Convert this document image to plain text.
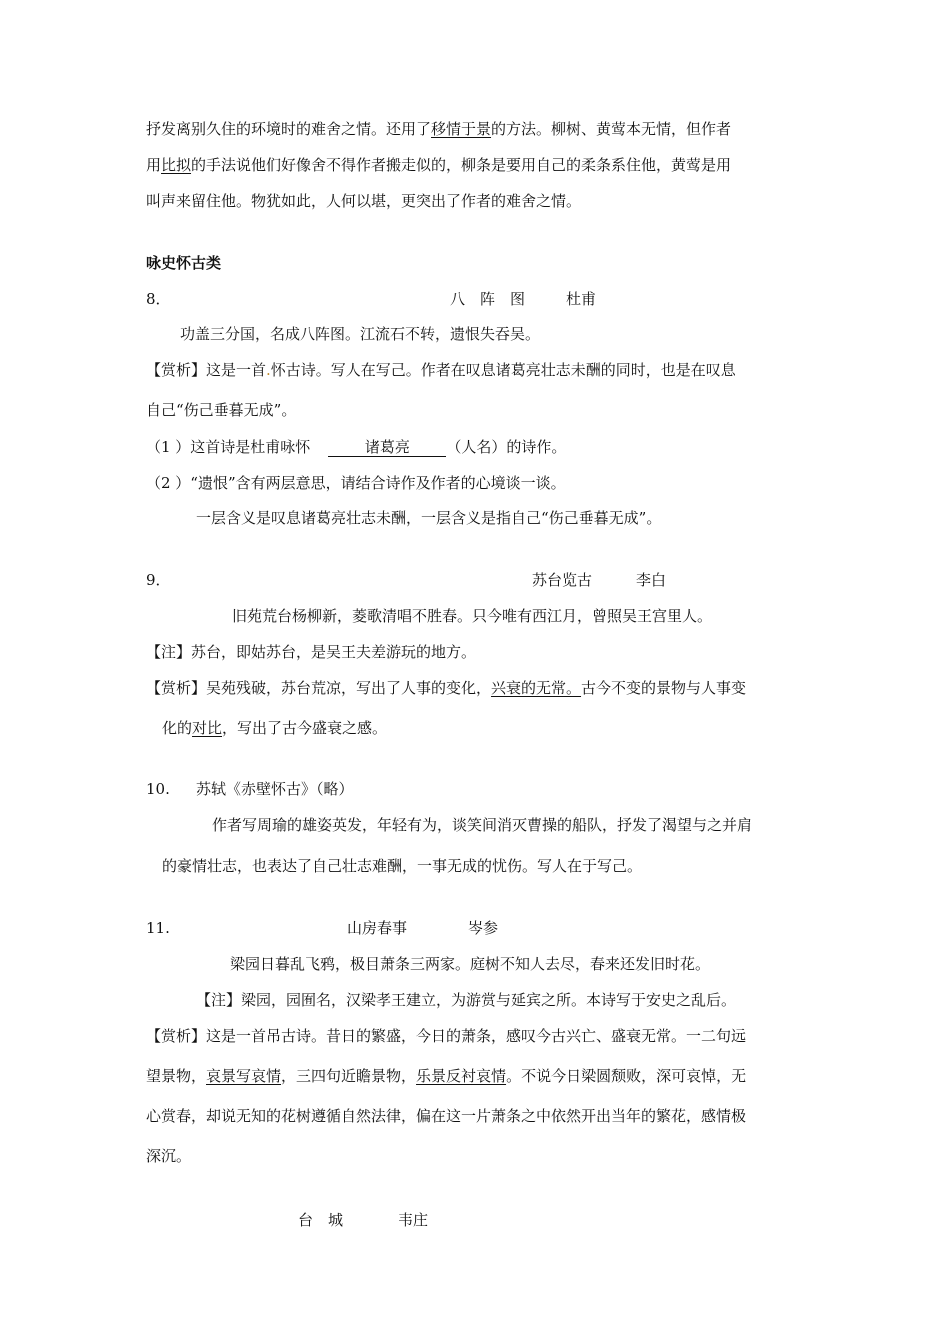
抒发离别久住的环境时的难舍之情。还用了移情于景的方法。柳树、黄莺本无情，但作者
用比拟的手法说他们好像舍不得作者搬走似的，柳条是要用自己的柔条系住他，黄莺是用
叫声来留住他。物犹如此，人何以堪，更突出了作者的难舍之情。
咏史怀古类
8．	八　阵　图	杜甫
功盖三分国，名成八阵图。江流石不转，遗恨失吞吴。
【赏析】这是一首.怀古诗。写人在写己。作者在叹息诸葛亮壮志未酬的同时，也是在叹息
自己“伤己垂暮无成”。
（1 ）这首诗是杜甫咏怀	诸葛亮 （人名）的诗作。
（2 ）“遗恨”含有两层意思，请结合诗作及作者的心境谈一谈。
一层含义是叹息诸葛亮壮志未酬，一层含义是指自己“伤己垂暮无成”。
9．	苏台览古	李白
旧苑荒台杨柳新，菱歌清唱不胜春。只今唯有西江月，曾照吴王宫里人。
【注】苏台，即姑苏台，是吴王夫差游玩的地方。
【赏析】吴苑残破，苏台荒凉，写出了人事的变化，兴衰的无常。古今不变的景物与人事变
化的对比，写出了古今盛衰之感。
10. 苏轼《赤壁怀古》（略）
作者写周瑜的雄姿英发，年轻有为，谈笑间消灭曹操的船队，抒发了渴望与之并肩
的豪情壮志，也表达了自己壮志难酬，一事无成的忧伤。写人在于写己。
11.	山房春事	岑参
梁园日暮乱飞鸦，极目萧条三两家。庭树不知人去尽，春来还发旧时花。
【注】梁园，园囿名，汉梁孝王建立，为游赏与延宾之所。本诗写于安史之乱后。
【赏析】这是一首吊古诗。昔日的繁盛，今日的萧条，感叹今古兴亡、盛衰无常。一二句远
望景物，哀景写哀情，三四句近瞻景物，乐景反衬哀情。不说今日梁圆颓败，深可哀悼，无
心赏春，却说无知的花树遵循自然法律，偏在这一片萧条之中依然开出当年的繁花，感情极
深沉。
台　城	韦庄
